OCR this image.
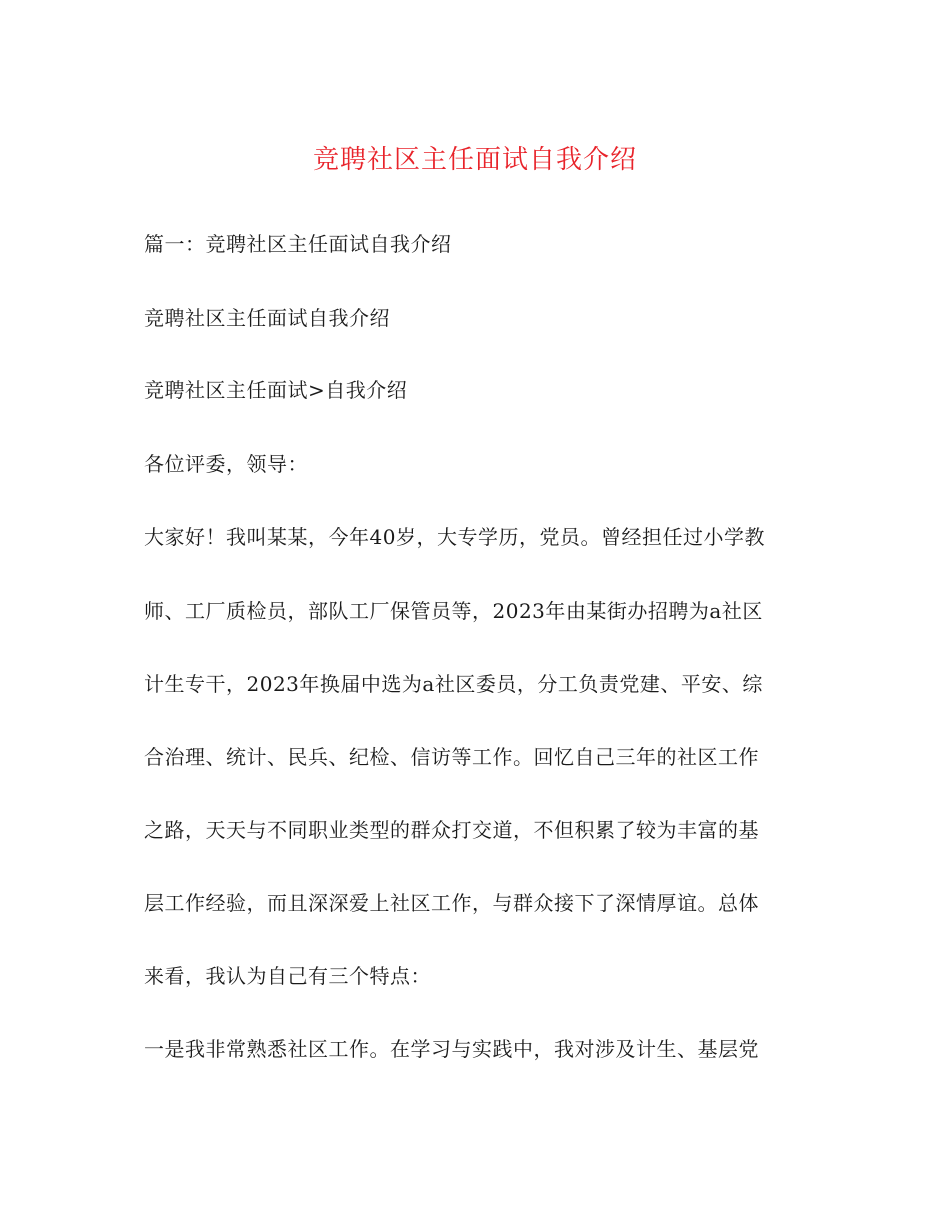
竞聘社区主任面试自我介绍

篇一：竞聘社区主任面试自我介绍

竞聘社区主任面试自我介绍

竞聘社区主任面试>自我介绍

各位评委，领导：

大家好！我叫某某，今年40岁，大专学历，党员。曾经担任过小学教

师、工厂质检员，部队工厂保管员等，2023年由某街办招聘为a社区

计生专干，2023年换届中选为a社区委员，分工负责党建、平安、综

合治理、统计、民兵、纪检、信访等工作。回忆自己三年的社区工作

之路，天天与不同职业类型的群众打交道，不但积累了较为丰富的基

层工作经验，而且深深爱上社区工作，与群众接下了深情厚谊。总体

来看，我认为自己有三个特点：

一是我非常熟悉社区工作。在学习与实践中，我对涉及计生、基层党
